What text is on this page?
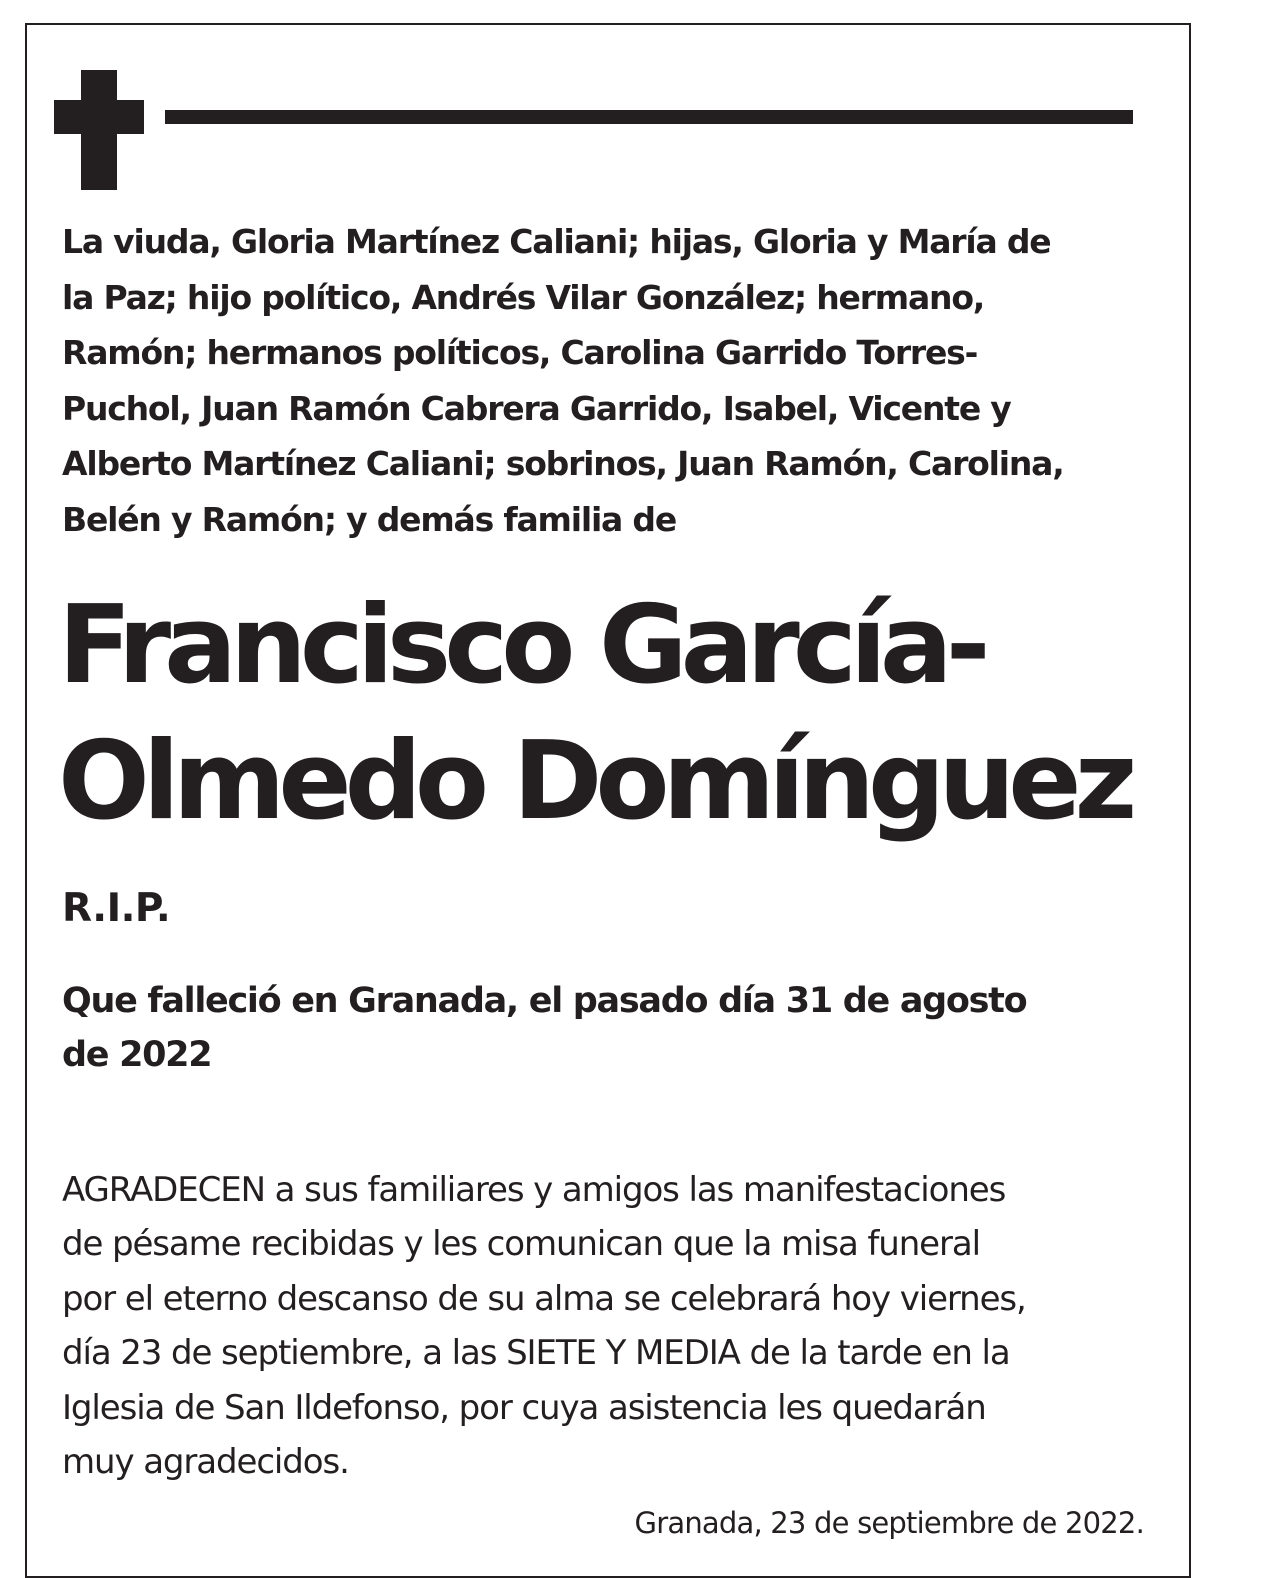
La viuda, Gloria Martínez Caliani; hijas, Gloria y María de
la Paz; hijo político, Andrés Vilar González; hermano,
Ramón; hermanos políticos, Carolina Garrido Torres-
Puchol, Juan Ramón Cabrera Garrido, Isabel, Vicente y
Alberto Martínez Caliani; sobrinos, Juan Ramón, Carolina,
Belén y Ramón; y demás familia de

Francisco García-
Olmedo Domínguez

R.I.P.

Que falleció en Granada, el pasado día 31 de agosto
de 2022

AGRADECEN a sus familiares y amigos las manifestaciones
de pésame recibidas y les comunican que la misa funeral
por el eterno descanso de su alma se celebrará hoy viernes,
día 23 de septiembre, a las SIETE Y MEDIA de la tarde en la
Iglesia de San Ildefonso, por cuya asistencia les quedarán
muy agradecidos.

Granada, 23 de septiembre de 2022.
